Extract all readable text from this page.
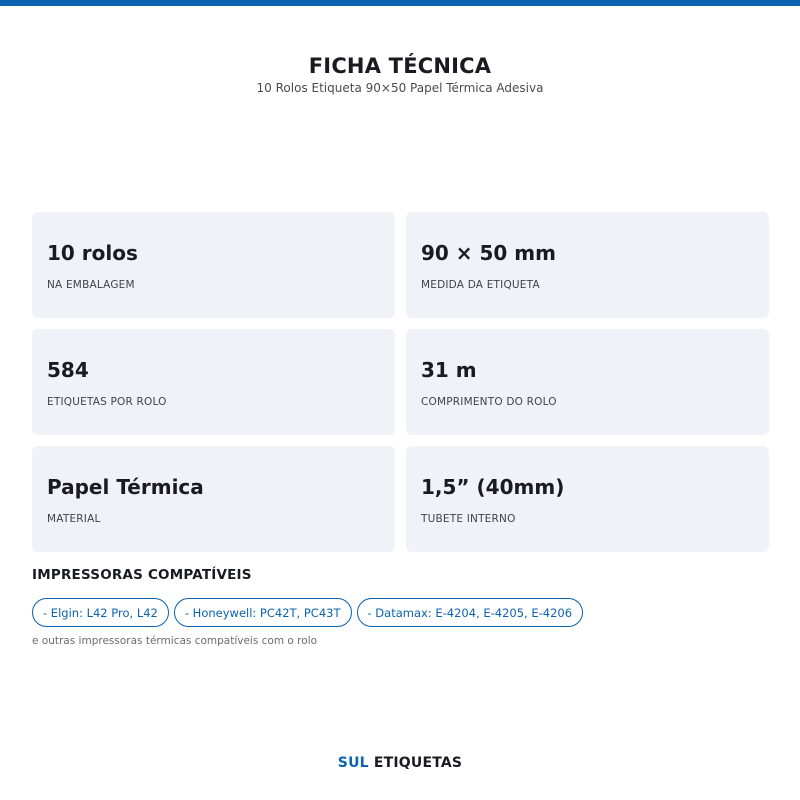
FICHA TÉCNICA
10 Rolos Etiqueta 90×50 Papel Térmica Adesiva
10 rolos
NA EMBALAGEM
90 × 50 mm
MEDIDA DA ETIQUETA
584
ETIQUETAS POR ROLO
31 m
COMPRIMENTO DO ROLO
Papel Térmica
MATERIAL
1,5” (40mm)
TUBETE INTERNO
IMPRESSORAS COMPATÍVEIS
- Elgin: L42 Pro, L42	- Honeywell: PC42T, PC43T	- Datamax: E-4204, E-4205, E-4206
e outras impressoras térmicas compatíveis com o rolo
SUL ETIQUETAS
